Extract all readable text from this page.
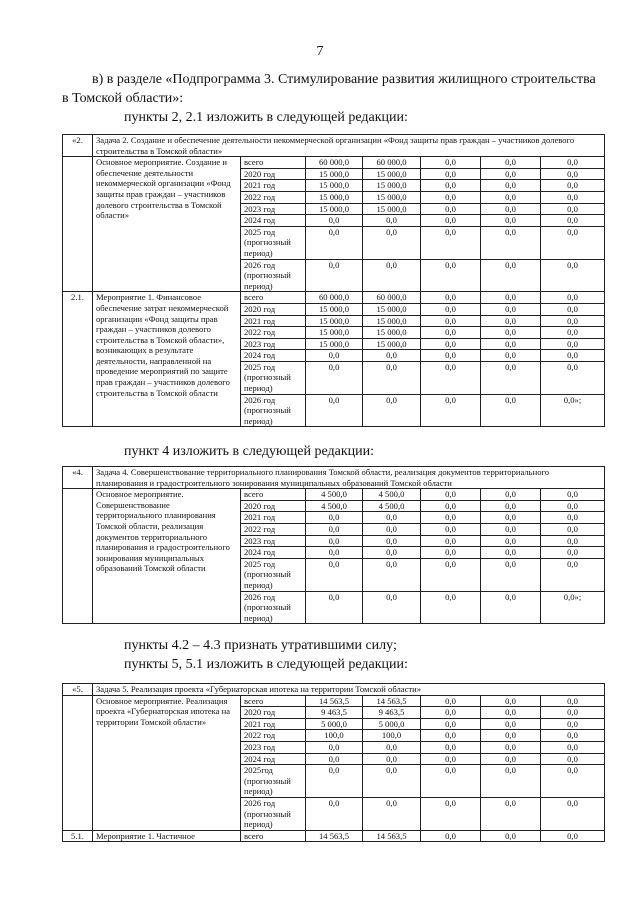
7
в) в разделе «Подпрограмма 3. Стимулирование развития жилищного строительства в Томской области»:
пункты 2, 2.1 изложить в следующей редакции:
«2.	Задача 2. Создание и обеспечение деятельности некоммерческой организации «Фонд защиты прав граждан – участников долевого строительства в Томской области»						
	Основное мероприятие. Создание и обеспечение деятельности некоммерческой организации «Фонд защиты прав граждан – участников долевого строительства в Томской области»	всего	60 000,0	60 000,0	0,0	0,0	0,0
		2020 год	15 000,0	15 000,0	0,0	0,0	0,0
		2021 год	15 000,0	15 000,0	0,0	0,0	0,0
		2022 год	15 000,0	15 000,0	0,0	0,0	0,0
		2023 год	15 000,0	15 000,0	0,0	0,0	0,0
		2024 год	0,0	0,0	0,0	0,0	0,0
		2025 год (прогнозный период)	0,0	0,0	0,0	0,0	0,0
		2026 год (прогнозный период)	0,0	0,0	0,0	0,0	0,0
2.1.	Мероприятие 1. Финансовое обеспечение затрат некоммерческой организации «Фонд защиты прав граждан – участников долевого строительства в Томской области», возникающих в результате деятельности, направленной на проведение мероприятий по защите прав граждан – участников долевого строительства в Томской области	всего	60 000,0	60 000,0	0,0	0,0	0,0
		2020 год	15 000,0	15 000,0	0,0	0,0	0,0
		2021 год	15 000,0	15 000,0	0,0	0,0	0,0
		2022 год	15 000,0	15 000,0	0,0	0,0	0,0
		2023 год	15 000,0	15 000,0	0,0	0,0	0,0
		2024 год	0,0	0,0	0,0	0,0	0,0
		2025 год (прогнозный период)	0,0	0,0	0,0	0,0	0,0
		2026 год (прогнозный период)	0,0	0,0	0,0	0,0	0,0»;
пункт 4 изложить в следующей редакции:
«4.	Задача 4. Совершенствование территориального планирования Томской области, реализация документов территориального планирования и градостроительного зонирования муниципальных образований Томской области						
	Основное мероприятие. Совершенствование территориального планирования Томской области, реализация документов территориального планирования и градостроительного зонирования муниципальных образований Томской области	всего	4 500,0	4 500,0	0,0	0,0	0,0
		2020 год	4 500,0	4 500,0	0,0	0,0	0,0
		2021 год	0,0	0,0	0,0	0,0	0,0
		2022 год	0,0	0,0	0,0	0,0	0,0
		2023 год	0,0	0,0	0,0	0,0	0,0
		2024 год	0,0	0,0	0,0	0,0	0,0
		2025 год (прогнозный период)	0,0	0,0	0,0	0,0	0,0
		2026 год (прогнозный период)	0,0	0,0	0,0	0,0	0,0»;
пункты 4.2 – 4.3 признать утратившими силу;
пункты 5, 5.1 изложить в следующей редакции:
«5.	Задача 5. Реализация проекта «Губернаторская ипотека на территории Томской области»						
	Основное мероприятие. Реализация проекта «Губернаторская ипотека на территории Томской области»	всего	14 563,5	14 563,5	0,0	0,0	0,0
		2020 год	9 463,5	9 463,5	0,0	0,0	0,0
		2021 год	5 000,0	5 000,0	0,0	0,0	0,0
		2022 год	100,0	100,0	0,0	0,0	0,0
		2023 год	0,0	0,0	0,0	0,0	0,0
		2024 год	0,0	0,0	0,0	0,0	0,0
		2025год (прогнозный период)	0,0	0,0	0,0	0,0	0,0
		2026 год (прогнозный период)	0,0	0,0	0,0	0,0	0,0
5.1.	Мероприятие 1. Частичное	всего	14 563,5	14 563,5	0,0	0,0	0,0
